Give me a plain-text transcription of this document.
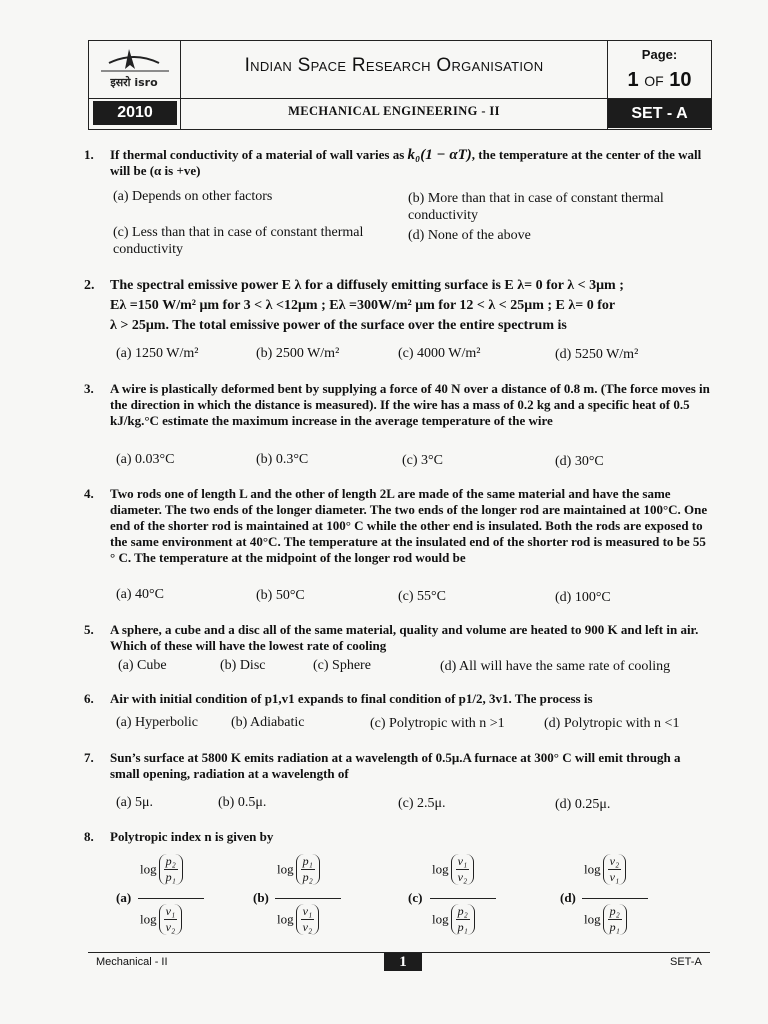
इसरो isro
2010
Indian Space Research Organisation
MECHANICAL ENGINEERING - II
Page:
1 OF 10
SET - A
1. If thermal conductivity of a material of wall varies as k₀(1 − αT), the temperature at the center of the wall will be (α is +ve)
(a) Depends on other factors	(b) More than that in case of constant thermal conductivity
(c) Less than that in case of constant thermal conductivity
(d) None of the above
2. The spectral emissive power E λ for a diffusely emitting surface is E λ= 0 for λ < 3μm ;
Eλ =150 W/m² μm for 3 < λ <12μm ; Eλ =300W/m² μm for 12 < λ < 25μm ; E λ= 0 for
λ > 25μm. The total emissive power of the surface over the entire spectrum is
(a) 1250 W/m²	(b) 2500 W/m²	(c) 4000 W/m²	(d) 5250 W/m²
3. A wire is plastically deformed bent by supplying a force of 40 N over a distance of 0.8 m. (The force moves in the direction in which the distance is measured). If the wire has a mass of 0.2 kg and a specific heat of 0.5 kJ/kg.°C estimate the maximum increase in the average temperature of the wire
(a) 0.03°C	(b) 0.3°C	(c) 3°C	(d) 30°C
4. Two rods one of length L and the other of length 2L are made of the same material and have the same diameter. The two ends of the longer diameter. The two ends of the longer rod are maintained at 100°C. One end of the shorter rod is maintained at 100° C while the other end is insulated. Both the rods are exposed to the same environment at 40°C. The temperature at the insulated end of the shorter rod is measured to be 55 ° C. The temperature at the midpoint of the longer rod would be
(a) 40°C	(b) 50°C	(c) 55°C	(d) 100°C
5. A sphere, a cube and a disc all of the same material, quality and volume are heated to 900 K and left in air. Which of these will have the lowest rate of cooling
(a) Cube	(b) Disc	(c) Sphere	(d) All will have the same rate of cooling
6. Air with initial condition of p1,v1 expands to final condition of p1/2, 3v1. The process is
(a) Hyperbolic (b) Adiabatic	(c) Polytropic with n >1	(d) Polytropic with n <1
7. Sun’s surface at 5800 K emits radiation at a wavelength of 0.5μ.A furnace at 300° C will emit through a small opening, radiation at a wavelength of
(a) 5μ.	(b) 0.5μ.	(c) 2.5μ.	(d) 0.25μ.
8. Polytropic index n is given by
(a)
$\log \frac{\text{p₂}}{\text{p₁}}$
$\log \frac{\text{v₁}}{\text{v₂}}$
(b)
$\log \frac{\text{p₁}}{\text{p₂}}$
$\log \frac{\text{v₁}}{\text{v₂}}$
(c)
$\log \frac{\text{v₁}}{\text{v₂}}$
$\log \frac{\text{p₂}}{\text{p₁}}$
(d)
$\log \frac{\text{v₂}}{\text{v₁}}$
$\log \frac{\text{p₂}}{\text{p₁}}$
Mechanical - II	1	SET-A
